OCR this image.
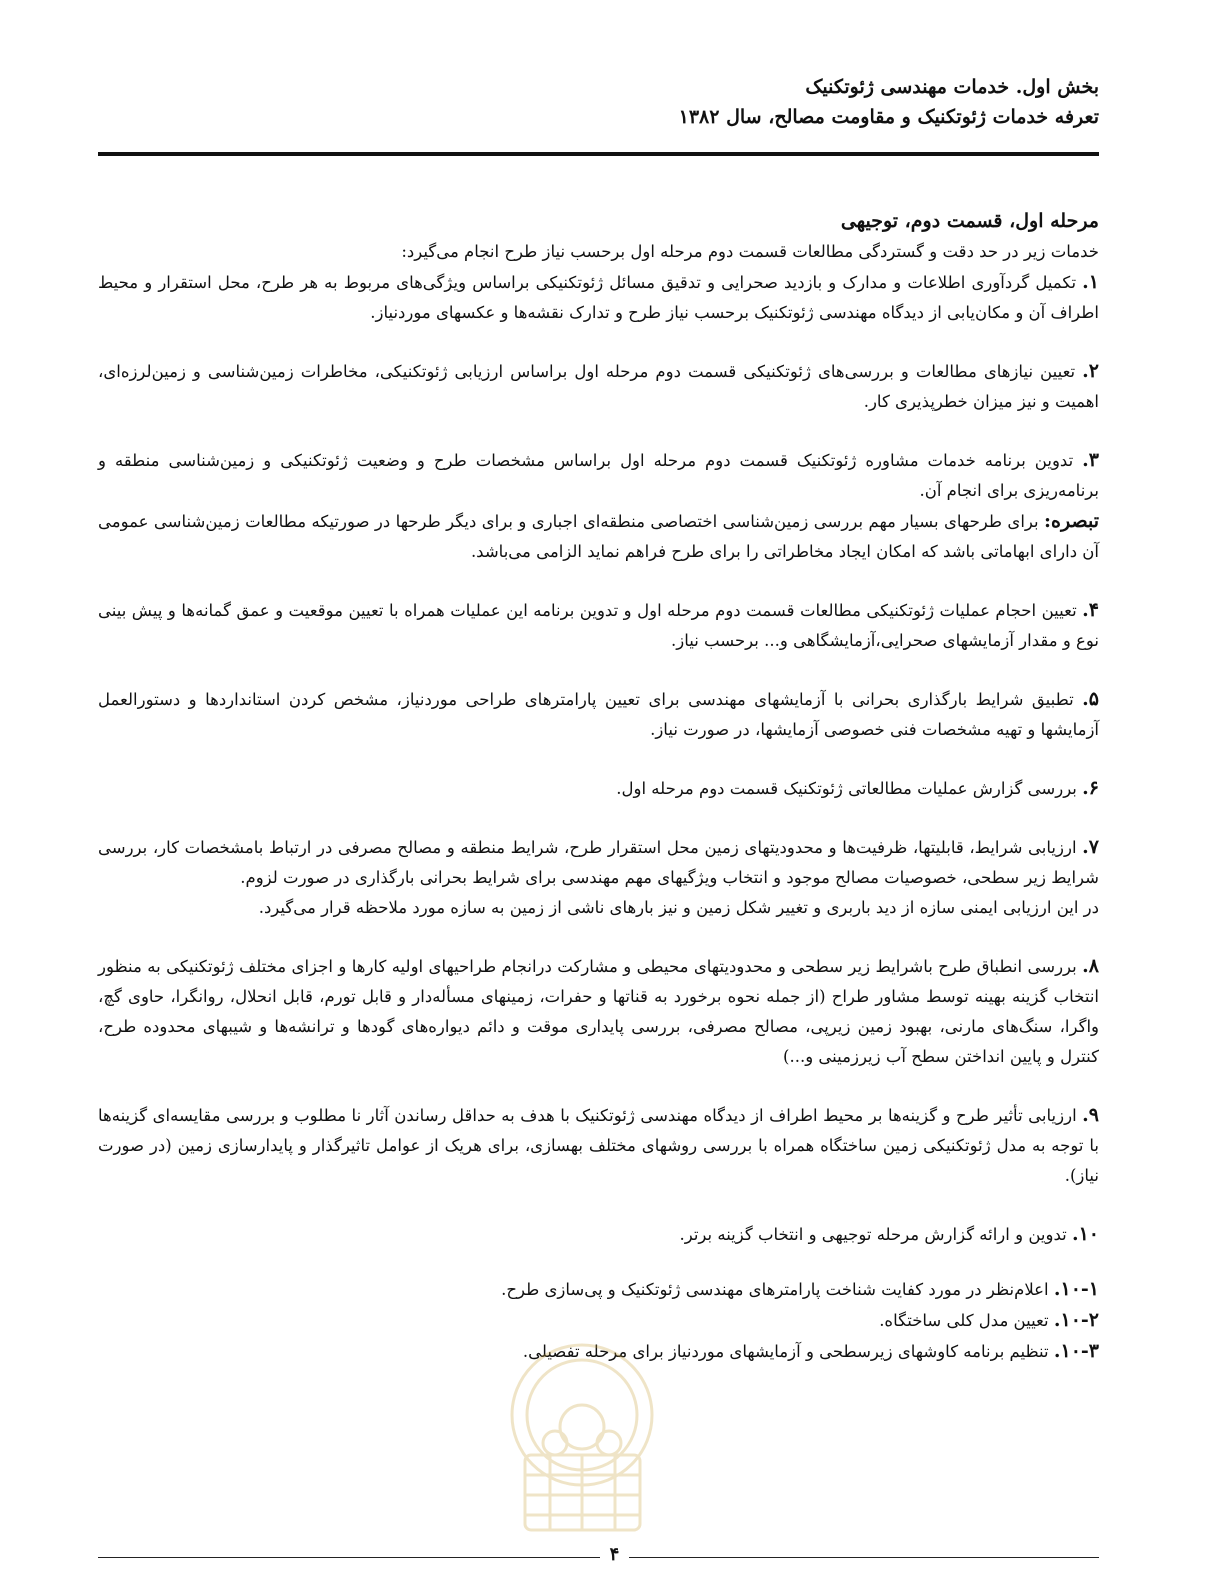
بخش اول. خدمات مهندسی ژئوتکنیک
تعرفه خدمات ژئوتکنیک و مقاومت مصالح، سال ۱۳۸۲

مرحله اول، قسمت دوم، توجیهی

خدمات زیر در حد دقت و گستردگی مطالعات قسمت دوم مرحله اول برحسب نیاز طرح انجام می‌گیرد:

۱. تکمیل گردآوری اطلاعات و مدارک و بازدید صحرایی و تدقیق مسائل ژئوتکنیکی براساس ویژگی‌های مربوط به هر طرح، محل استقرار و محیط اطراف آن و مکان‌یابی از دیدگاه مهندسی ژئوتکنیک برحسب نیاز طرح و تدارک نقشه‌ها و عکسهای موردنیاز.

۲. تعیین نیازهای مطالعات و بررسی‌های ژئوتکنیکی قسمت دوم مرحله اول براساس ارزیابی ژئوتکنیکی، مخاطرات زمین‌شناسی و زمین‌لرزه‌ای، اهمیت و نیز میزان خطرپذیری کار.

۳. تدوین برنامه خدمات مشاوره ژئوتکنیک قسمت دوم مرحله اول براساس مشخصات طرح و وضعیت ژئوتکنیکی و زمین‌شناسی منطقه و برنامه‌ریزی برای انجام آن.

تبصره: برای طرحهای بسیار مهم بررسی زمین‌شناسی اختصاصی منطقه‌ای اجباری و برای دیگر طرحها در صورتیکه مطالعات زمین‌شناسی عمومی آن دارای ابهاماتی باشد که امکان ایجاد مخاطراتی را برای طرح فراهم نماید الزامی می‌باشد.

۴. تعیین احجام عملیات ژئوتکنیکی مطالعات قسمت دوم مرحله اول و تدوین برنامه این عملیات همراه با تعیین موقعیت و عمق گمانه‌ها و پیش بینی نوع و مقدار آزمایشهای صحرایی،آزمایشگاهی و... برحسب نیاز.

۵. تطبیق شرایط بارگذاری بحرانی با آزمایشهای مهندسی برای تعیین پارامترهای طراحی موردنیاز، مشخص کردن استانداردها و دستورالعمل آزمایشها و تهیه مشخصات فنی خصوصی آزمایشها، در صورت نیاز.

۶. بررسی گزارش عملیات مطالعاتی ژئوتکنیک قسمت دوم مرحله اول.

۷. ارزیابی شرایط، قابلیتها، ظرفیت‌ها و محدودیتهای زمین محل استقرار طرح، شرایط منطقه و مصالح مصرفی در ارتباط بامشخصات کار، بررسی شرایط زیر سطحی، خصوصیات مصالح موجود و انتخاب ویژگیهای مهم مهندسی برای شرایط بحرانی بارگذاری در صورت لزوم.

در این ارزیابی ایمنی سازه از دید باربری و تغییر شکل زمین و نیز بارهای ناشی از زمین به سازه مورد ملاحظه قرار می‌گیرد.

۸. بررسی انطباق طرح باشرایط زیر سطحی و محدودیتهای محیطی و مشارکت درانجام طراحیهای اولیه کارها و اجزای مختلف ژئوتکنیکی به منظور انتخاب گزینه بهینه توسط مشاور طراح (از جمله نحوه برخورد به قناتها و حفرات، زمینهای مسأله‌دار و قابل تورم، قابل انحلال، روانگرا، حاوی گچ، واگرا، سنگ‌های مارنی، بهبود زمین زیرپی، مصالح مصرفی، بررسی پایداری موقت و دائم دیواره‌های گودها و ترانشه‌ها و شیبهای محدوده طرح، کنترل و پایین انداختن سطح آب زیرزمینی و...)

۹. ارزیابی تأثیر طرح و گزینه‌ها بر محیط اطراف از دیدگاه مهندسی ژئوتکنیک با هدف به حداقل رساندن آثار نا مطلوب و بررسی مقایسه‌ای گزینه‌ها با توجه به مدل ژئوتکنیکی زمین ساختگاه همراه با بررسی روشهای مختلف بهسازی، برای هریک از عوامل تاثیرگذار و پایدارسازی زمین (در صورت نیاز).

۱۰. تدوین و ارائه گزارش مرحله توجیهی و انتخاب گزینه برتر.

۱۰-۱. اعلام‌نظر در مورد کفایت شناخت پارامترهای مهندسی ژئوتکنیک و پی‌سازی طرح.

۱۰-۲. تعیین مدل کلی ساختگاه.

۱۰-۳. تنظیم برنامه کاوشهای زیرسطحی و آزمایشهای موردنیاز برای مرحله تفصیلی.

۴
